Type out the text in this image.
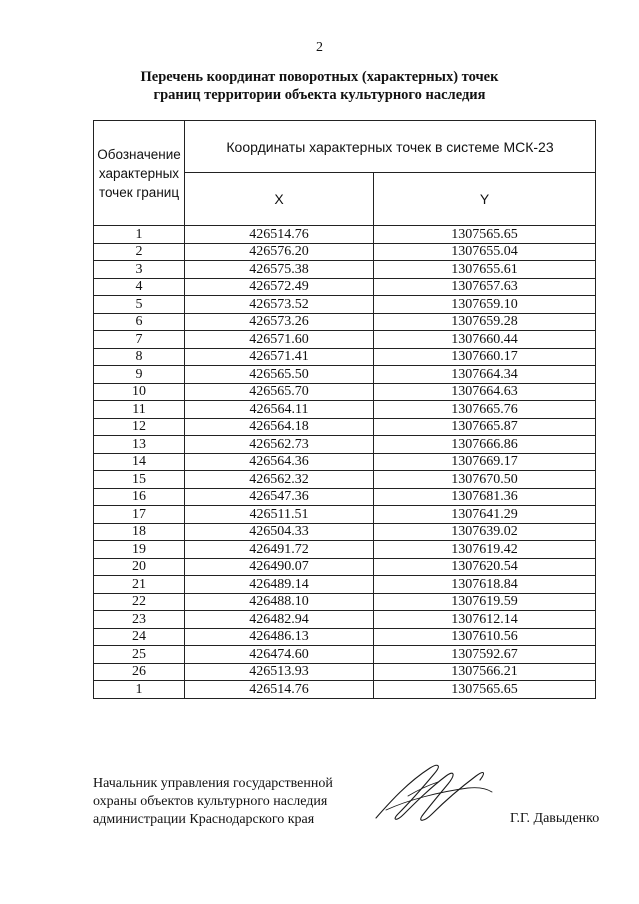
2
Перечень координат поворотных (характерных) точек
границ территории объекта культурного наследия
Обозначение
характерных
точек границ	Координаты характерных точек в системе МСК-23	
	X	Y
1	426514.76	1307565.65
2	426576.20	1307655.04
3	426575.38	1307655.61
4	426572.49	1307657.63
5	426573.52	1307659.10
6	426573.26	1307659.28
7	426571.60	1307660.44
8	426571.41	1307660.17
9	426565.50	1307664.34
10	426565.70	1307664.63
11	426564.11	1307665.76
12	426564.18	1307665.87
13	426562.73	1307666.86
14	426564.36	1307669.17
15	426562.32	1307670.50
16	426547.36	1307681.36
17	426511.51	1307641.29
18	426504.33	1307639.02
19	426491.72	1307619.42
20	426490.07	1307620.54
21	426489.14	1307618.84
22	426488.10	1307619.59
23	426482.94	1307612.14
24	426486.13	1307610.56
25	426474.60	1307592.67
26	426513.93	1307566.21
1	426514.76	1307565.65
Начальник управления государственной
охраны объектов культурного наследия
администрации Краснодарского края	Г.Г. Давыденко
